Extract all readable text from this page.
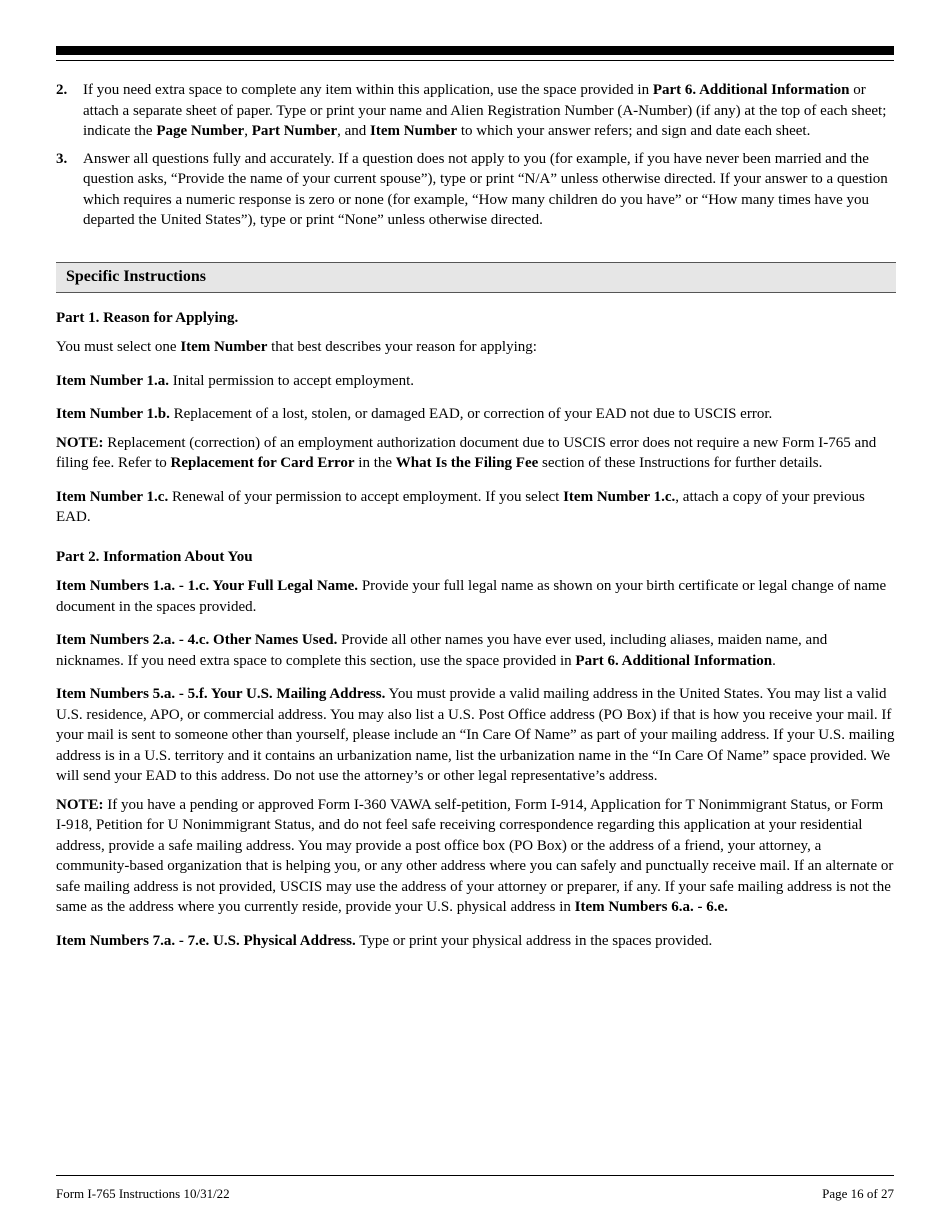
2.	If you need extra space to complete any item within this application, use the space provided in Part 6. Additional Information or attach a separate sheet of paper. Type or print your name and Alien Registration Number (A-Number) (if any) at the top of each sheet; indicate the Page Number, Part Number, and Item Number to which your answer refers; and sign and date each sheet.
3.	Answer all questions fully and accurately. If a question does not apply to you (for example, if you have never been married and the question asks, “Provide the name of your current spouse”), type or print “N/A” unless otherwise directed. If your answer to a question which requires a numeric response is zero or none (for example, “How many children do you have” or “How many times have you departed the United States”), type or print “None” unless otherwise directed.
Specific Instructions
Part 1. Reason for Applying.

You must select one Item Number that best describes your reason for applying:

Item Number 1.a. Inital permission to accept employment.

Item Number 1.b. Replacement of a lost, stolen, or damaged EAD, or correction of your EAD not due to USCIS error.

NOTE: Replacement (correction) of an employment authorization document due to USCIS error does not require a new Form I-765 and filing fee. Refer to Replacement for Card Error in the What Is the Filing Fee section of these Instructions for further details.

Item Number 1.c. Renewal of your permission to accept employment. If you select Item Number 1.c., attach a copy of your previous EAD.

Part 2. Information About You

Item Numbers 1.a. - 1.c. Your Full Legal Name. Provide your full legal name as shown on your birth certificate or legal change of name document in the spaces provided.

Item Numbers 2.a. - 4.c. Other Names Used. Provide all other names you have ever used, including aliases, maiden name, and nicknames. If you need extra space to complete this section, use the space provided in Part 6. Additional Information.

Item Numbers 5.a. - 5.f. Your U.S. Mailing Address. You must provide a valid mailing address in the United States. You may list a valid U.S. residence, APO, or commercial address. You may also list a U.S. Post Office address (PO Box) if that is how you receive your mail. If your mail is sent to someone other than yourself, please include an “In Care Of Name” as part of your mailing address. If your U.S. mailing address is in a U.S. territory and it contains an urbanization name, list the urbanization name in the “In Care Of Name” space provided. We will send your EAD to this address. Do not use the attorney’s or other legal representative’s address.

NOTE: If you have a pending or approved Form I-360 VAWA self-petition, Form I-914, Application for T Nonimmigrant Status, or Form I-918, Petition for U Nonimmigrant Status, and do not feel safe receiving correspondence regarding this application at your residential address, provide a safe mailing address. You may provide a post office box (PO Box) or the address of a friend, your attorney, a community-based organization that is helping you, or any other address where you can safely and punctually receive mail. If an alternate or safe mailing address is not provided, USCIS may use the address of your attorney or preparer, if any. If your safe mailing address is not the same as the address where you currently reside, provide your U.S. physical address in Item Numbers 6.a. - 6.e.

Item Numbers 7.a. - 7.e. U.S. Physical Address. Type or print your physical address in the spaces provided.

Form I-765 Instructions 10/31/22	Page 16 of 27
